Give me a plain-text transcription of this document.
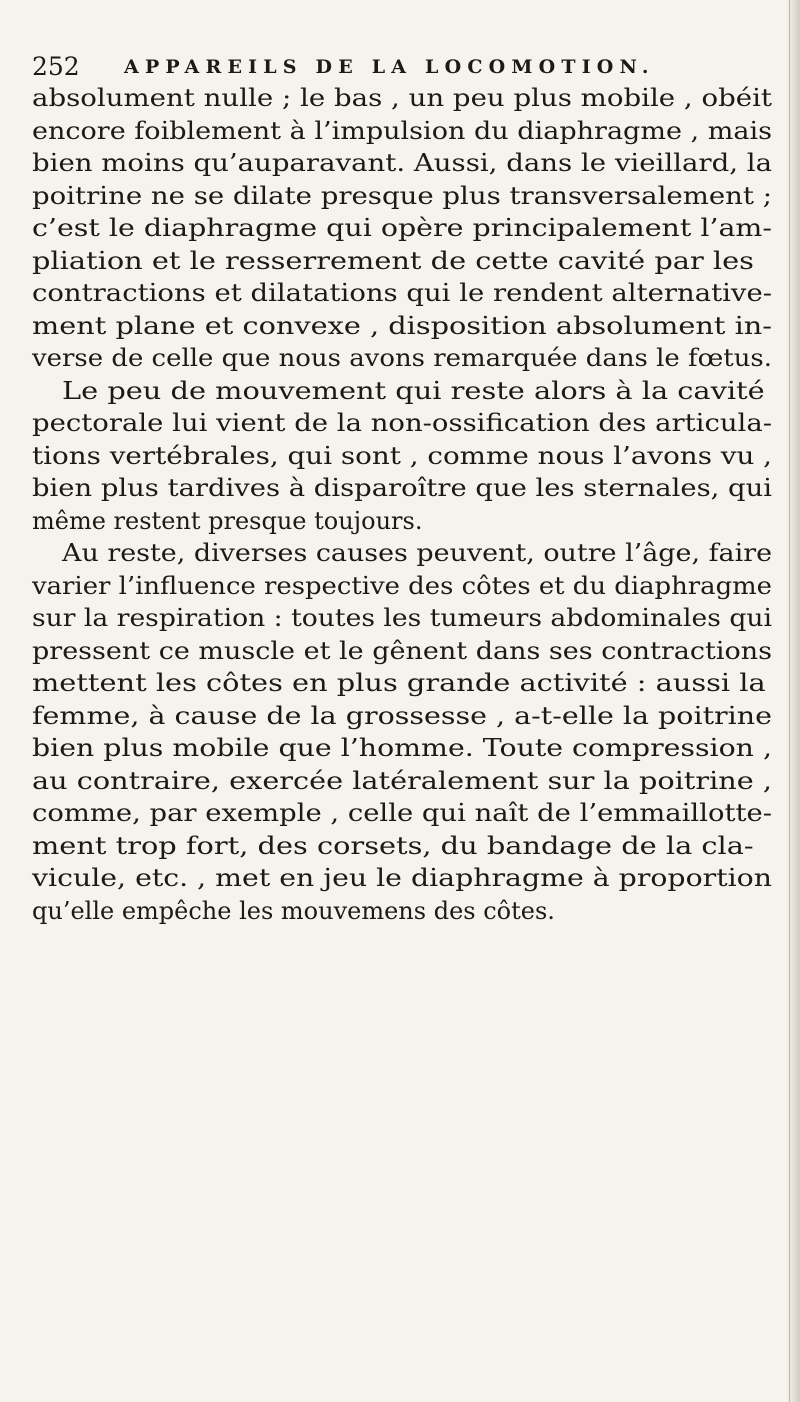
252 APPAREILS DE LA LOCOMOTION.
absolument nulle ; le bas , un peu plus mobile , obéit
encore foiblement à l’impulsion du diaphragme , mais
bien moins qu’auparavant. Aussi, dans le vieillard, la
poitrine ne se dilate presque plus transversalement ;
c’est le diaphragme qui opère principalement l’am-
pliation et le resserrement de cette cavité par les
contractions et dilatations qui le rendent alternative-
ment plane et convexe , disposition absolument in-
verse de celle que nous avons remarquée dans le fœtus.
Le peu de mouvement qui reste alors à la cavité
pectorale lui vient de la non-ossification des articula-
tions vertébrales, qui sont , comme nous l’avons vu ,
bien plus tardives à disparoître que les sternales, qui
même restent presque toujours.
Au reste, diverses causes peuvent, outre l’âge, faire
varier l’influence respective des côtes et du diaphragme
sur la respiration : toutes les tumeurs abdominales qui
pressent ce muscle et le gênent dans ses contractions
mettent les côtes en plus grande activité : aussi la
femme, à cause de la grossesse , a-t-elle la poitrine
bien plus mobile que l’homme. Toute compression ,
au contraire, exercée latéralement sur la poitrine ,
comme, par exemple , celle qui naît de l’emmaillotte-
ment trop fort, des corsets, du bandage de la cla-
vicule, etc. , met en jeu le diaphragme à proportion
qu’elle empêche les mouvemens des côtes.
